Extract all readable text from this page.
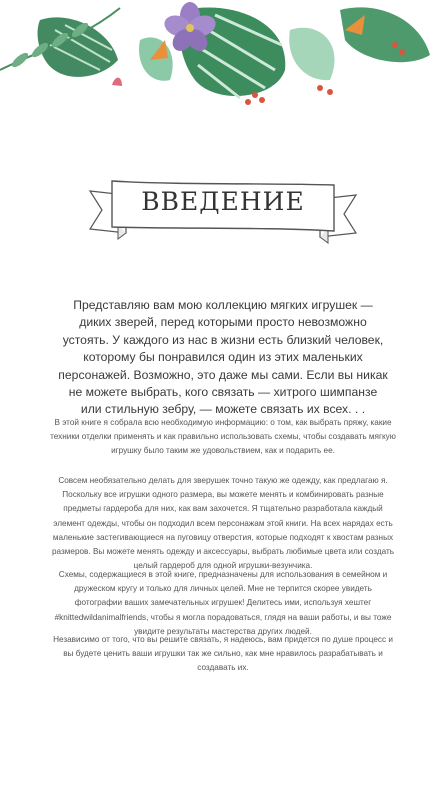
ВВЕДЕНИЕ
Представляю вам мою коллекцию мягких игрушек — диких зверей, перед которыми просто невозможно устоять. У каждого из нас в жизни есть близкий человек, которому бы понравился один из этих маленьких персонажей. Возможно, это даже мы сами. Если вы никак не можете выбрать, кого связать — хитрого шимпанзе или стильную зебру, — можете связать их всех. . .
В этой книге я собрала всю необходимую информацию: о том, как выбрать пряжу, какие техники отделки применять и как правильно использовать схемы, чтобы создавать мягкую игрушку было таким же удовольствием, как и подарить ее.
Совсем необязательно делать для зверушек точно такую же одежду, как предлагаю я. Поскольку все игрушки одного размера, вы можете менять и комбинировать разные предметы гардероба для них, как вам захочется. Я тщательно разработала каждый элемент одежды, чтобы он подходил всем персонажам этой книги. На всех нарядах есть маленькие застегивающиеся на пуговицу отверстия, которые подходят к хвостам разных размеров. Вы можете менять одежду и аксессуары, выбрать любимые цвета или создать целый гардероб для одной игрушки-везунчика.
Схемы, содержащиеся в этой книге, предназначены для использования в семейном и дружеском кругу и только для личных целей. Мне не терпится скорее увидеть фотографии ваших замечательных игрушек! Делитесь ими, используя хештег #knittedwildanimalfriends, чтобы я могла порадоваться, глядя на ваши работы, и вы тоже увидите результаты мастерства других людей.
Независимо от того, что вы решите связать, я надеюсь, вам придется по душе процесс и вы будете ценить ваши игрушки так же сильно, как мне нравилось разрабатывать и создавать их.
